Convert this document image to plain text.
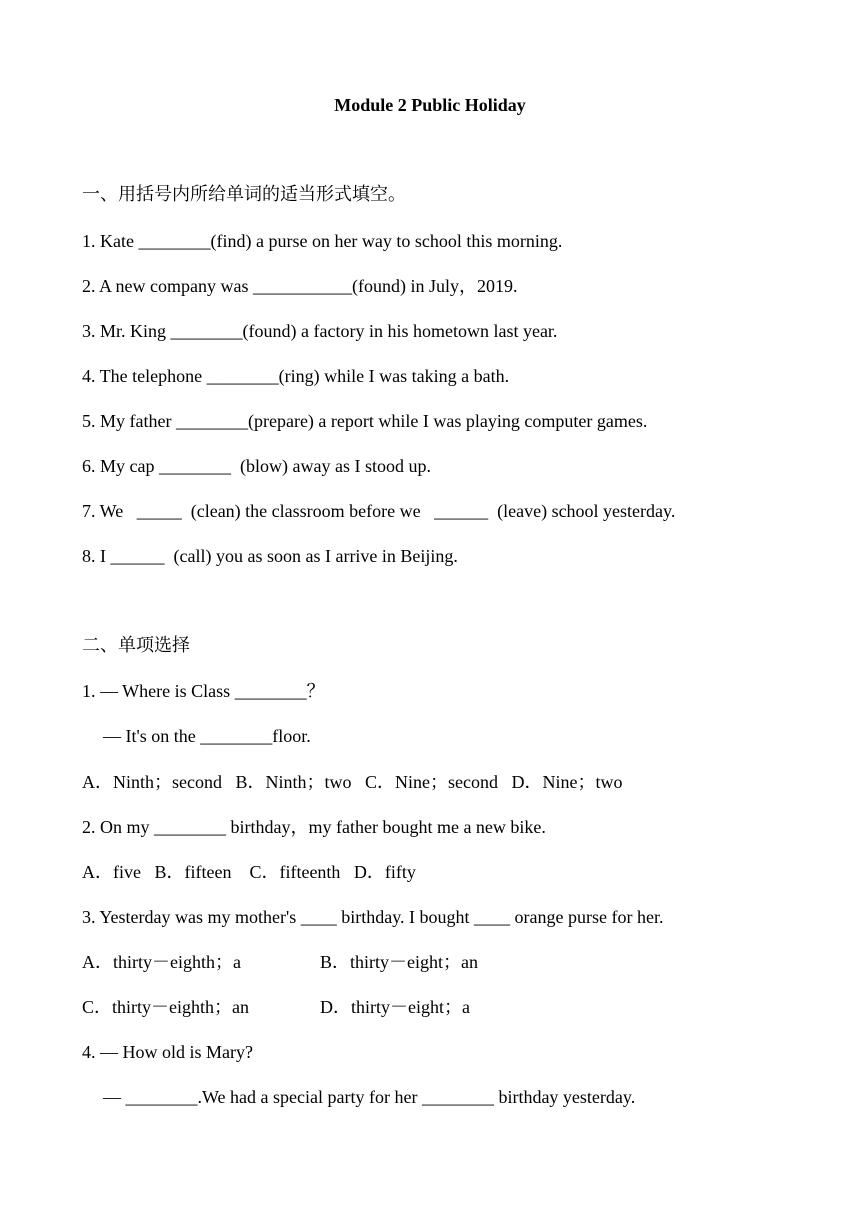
Module 2 Public Holiday
一、用括号内所给单词的适当形式填空。
1. Kate ________(find) a purse on her way to school this morning.
2. A new company was ___________(found) in July，2019.
3. Mr. King ________(found) a factory in his hometown last year.
4. The telephone ________(ring) while I was taking a bath.
5. My father ________(prepare) a report while I was playing computer games.
6. My cap ________  (blow) away as I stood up.
7. We   _____  (clean) the classroom before we   ______  (leave) school yesterday.
8. I ______  (call) you as soon as I arrive in Beijing.
二、单项选择
1. — Where is Class ________？
— It's on the ________floor.
A．Ninth；second   B．Ninth；two   C．Nine；second   D．Nine；two
2. On my ________ birthday，my father bought me a new bike.
A．five   B．fifteen    C．fifteenth   D．fifty
3. Yesterday was my mother's ____ birthday. I bought ____ orange purse for her.
A．thirty－eighth；a	B．thirty－eight；an
C．thirty－eighth；an	D．thirty－eight；a
4. — How old is Mary?
— ________.We had a special party for her ________ birthday yesterday.
